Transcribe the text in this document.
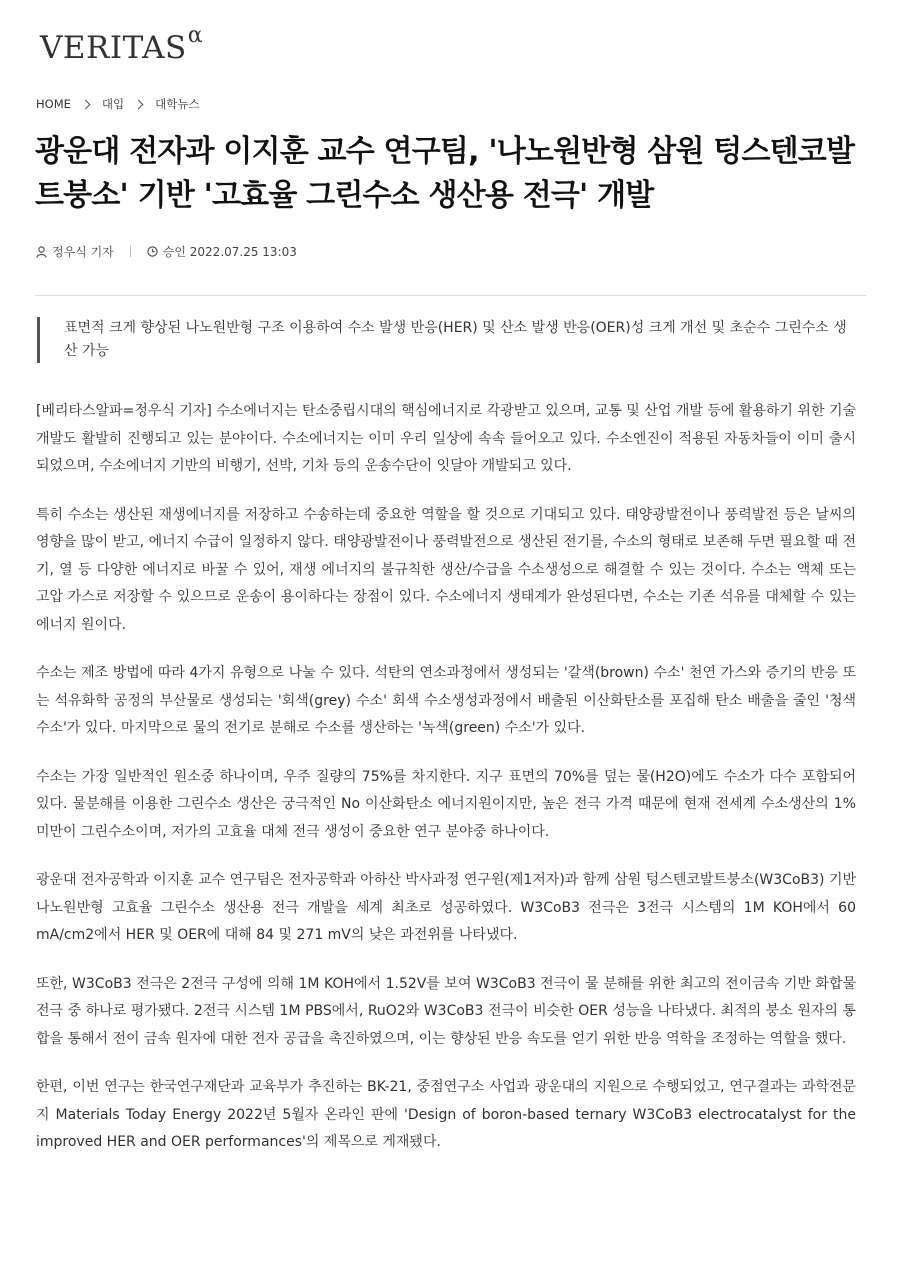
$VERITAS^\alpha$
HOME	대입	대학뉴스
광운대 전자과 이지훈 교수 연구팀, '나노원반형 삼원 텅스텐코발트붕소' 기반 '고효율 그린수소 생산용 전극' 개발
정우식 기자	승인 2022.07.25 13:03
표면적 크게 향상된 나노원반형 구조 이용하여 수소 발생 반응(HER) 및 산소 발생 반응(OER)성 크게 개선 및 초순수 그린수소 생산 가능

[베리타스알파=정우식 기자] 수소에너지는 탄소중립시대의 핵심에너지로 각광받고 있으며, 교통 및 산업 개발 등에 활용하기 위한 기술개발도 활발히 진행되고 있는 분야이다. 수소에너지는 이미 우리 일상에 속속 들어오고 있다. 수소엔진이 적용된 자동차들이 이미 출시되었으며, 수소에너지 기반의 비행기, 선박, 기차 등의 운송수단이 잇달아 개발되고 있다.

특히 수소는 생산된 재생에너지를 저장하고 수송하는데 중요한 역할을 할 것으로 기대되고 있다. 태양광발전이나 풍력발전 등은 날씨의 영향을 많이 받고, 에너지 수급이 일정하지 않다. 태양광발전이나 풍력발전으로 생산된 전기를, 수소의 형태로 보존해 두면 필요할 때 전기, 열 등 다양한 에너지로 바꿀 수 있어, 재생 에너지의 불규칙한 생산/수급을 수소생성으로 해결할 수 있는 것이다. 수소는 액체 또는 고압 가스로 저장할 수 있으므로 운송이 용이하다는 장점이 있다. 수소에너지 생태계가 완성된다면, 수소는 기존 석유를 대체할 수 있는 에너지 원이다.

수소는 제조 방법에 따라 4가지 유형으로 나눌 수 있다. 석탄의 연소과정에서 생성되는 '갈색(brown) 수소' 천연 가스와 증기의 반응 또는 석유화학 공정의 부산물로 생성되는 '회색(grey) 수소' 회색 수소생성과정에서 배출된 이산화탄소를 포집해 탄소 배출을 줄인 '청색 수소'가 있다. 마지막으로 물의 전기로 분해로 수소를 생산하는 '녹색(green) 수소'가 있다.

수소는 가장 일반적인 원소중 하나이며, 우주 질량의 75%를 차지한다. 지구 표면의 70%를 덮는 물(H2O)에도 수소가 다수 포함되어 있다. 물분해를 이용한 그린수소 생산은 궁극적인 No 이산화탄소 에너지원이지만, 높은 전극 가격 때문에 현재 전세계 수소생산의 1% 미만이 그린수소이며, 저가의 고효율 대체 전극 생성이 중요한 연구 분야중 하나이다.

광운대 전자공학과 이지훈 교수 연구팀은 전자공학과 아하산 박사과정 연구원(제1저자)과 함께 삼원 텅스텐코발트붕소(W3CoB3) 기반 나노원반형 고효율 그린수소 생산용 전극 개발을 세계 최초로 성공하였다. W3CoB3 전극은 3전극 시스템의 1M KOH에서 60 mA/cm2에서 HER 및 OER에 대해 84 및 271 mV의 낮은 과전위를 나타냈다.

또한, W3CoB3 전극은 2전극 구성에 의해 1M KOH에서 1.52V를 보여 W3CoB3 전극이 물 분해를 위한 최고의 전이금속 기반 화합물 전극 중 하나로 평가됐다. 2전극 시스템 1M PBS에서, RuO2와 W3CoB3 전극이 비슷한 OER 성능을 나타냈다. 최적의 붕소 원자의 통합을 통해서 전이 금속 원자에 대한 전자 공급을 촉진하였으며, 이는 향상된 반응 속도를 얻기 위한 반응 역학을 조정하는 역할을 했다.

한편, 이번 연구는 한국연구재단과 교육부가 추진하는 BK-21, 중점연구소 사업과 광운대의 지원으로 수행되었고, 연구결과는 과학전문지 Materials Today Energy 2022년 5월자 온라인 판에 'Design of boron-based ternary W3CoB3 electrocatalyst for the improved HER and OER performances'의 제목으로 게재됐다.
